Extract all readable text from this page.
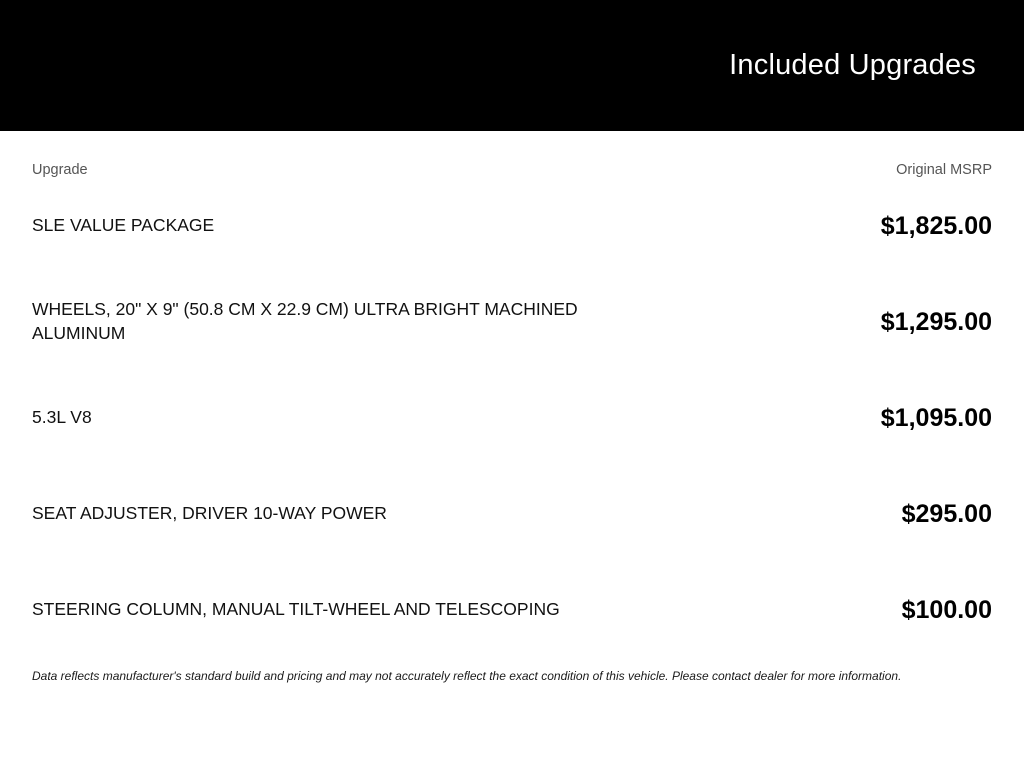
Included Upgrades
Upgrade	Original MSRP
SLE VALUE PACKAGE	$1,825.00
WHEELS, 20" X 9" (50.8 CM X 22.9 CM) ULTRA BRIGHT MACHINED ALUMINUM	$1,295.00
5.3L V8	$1,095.00
SEAT ADJUSTER, DRIVER 10-WAY POWER	$295.00
STEERING COLUMN, MANUAL TILT-WHEEL AND TELESCOPING	$100.00
Data reflects manufacturer's standard build and pricing and may not accurately reflect the exact condition of this vehicle. Please contact dealer for more information.
